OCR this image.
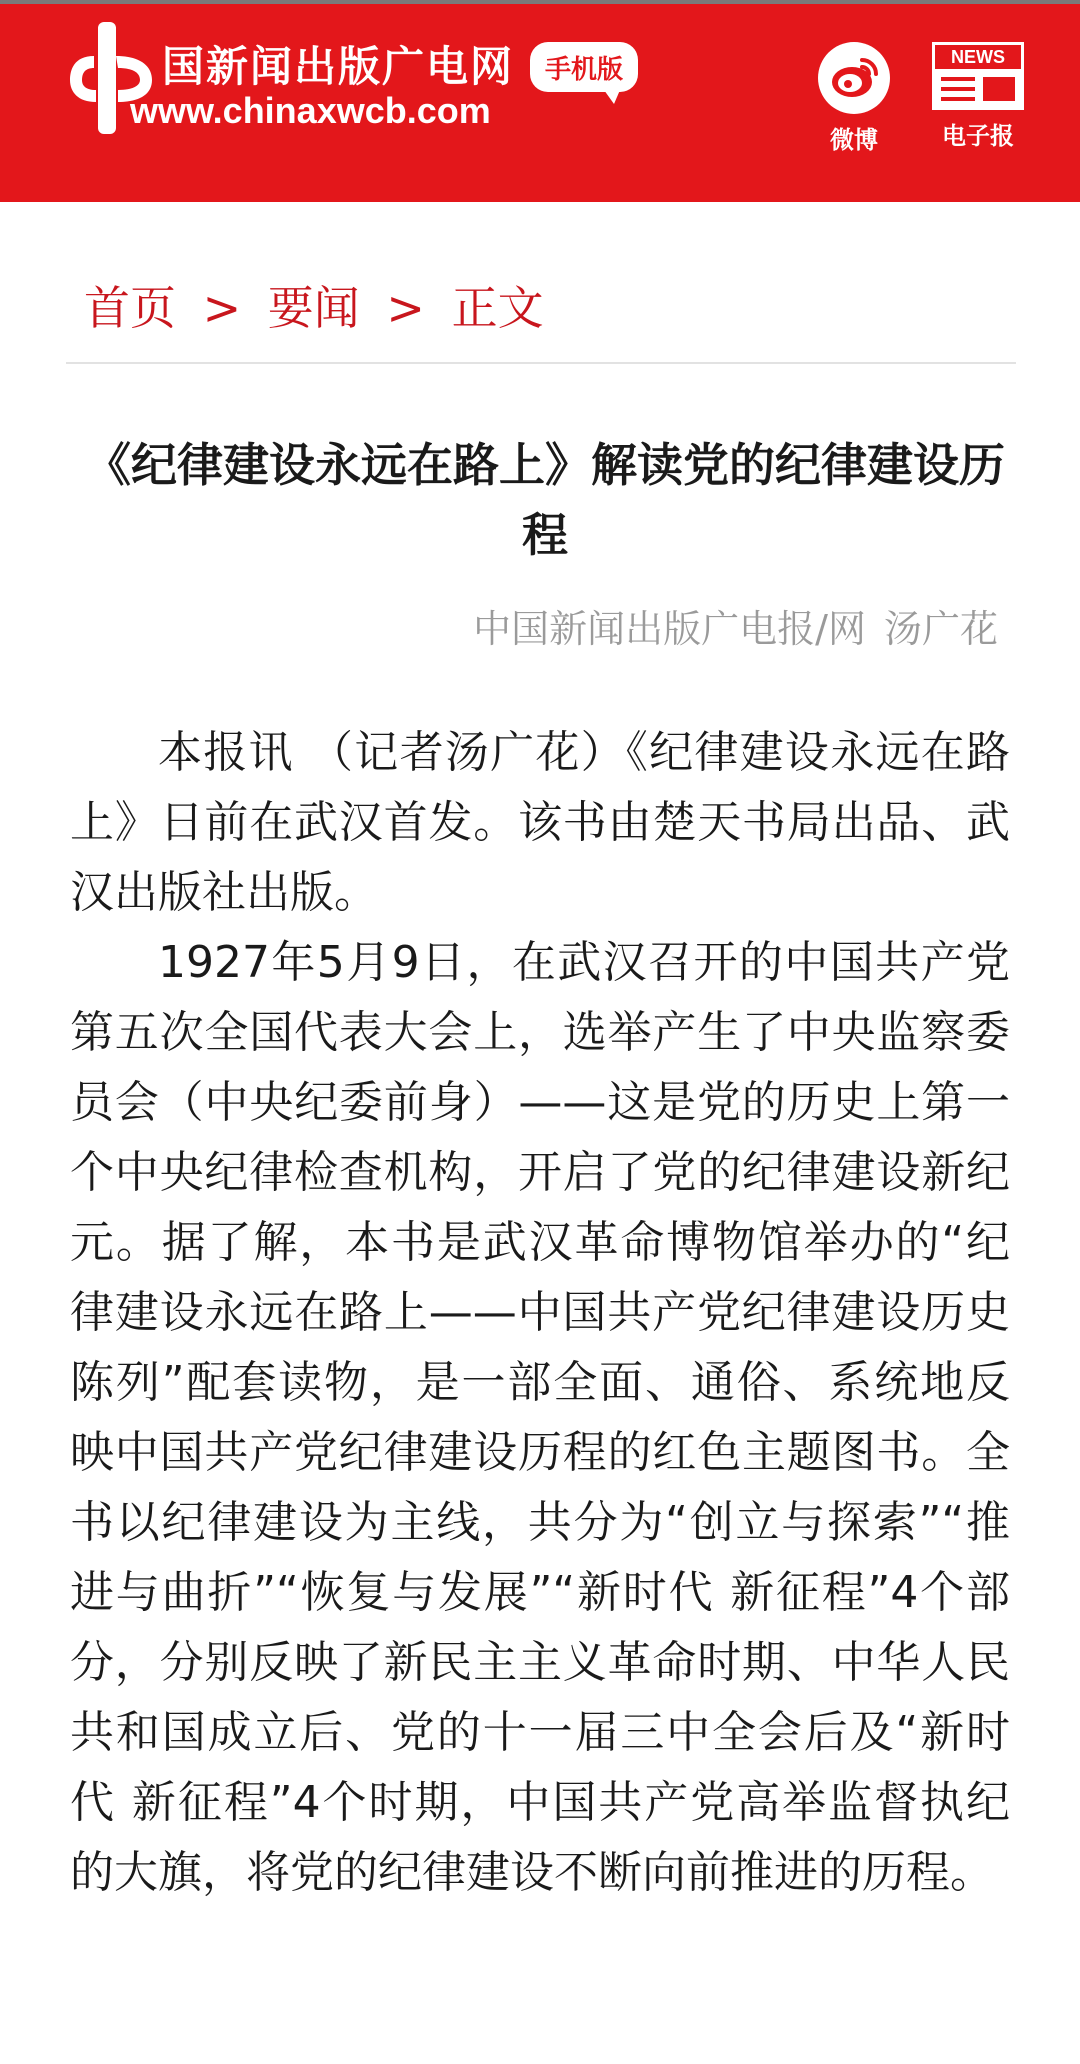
国新闻出版广电网	手机版
www.chinaxwcb.com
微博
NEWS
电子报
首页 > 要闻 > 正文
《纪律建设永远在路上》解读党的纪律建设历程
中国新闻出版广电报/网 汤广花

本报讯 （记者汤广花）《纪律建设永远在路上》日前在武汉首发。该书由楚天书局出品、武汉出版社出版。

1927年5月9日，在武汉召开的中国共产党第五次全国代表大会上，选举产生了中央监察委员会（中央纪委前身）——这是党的历史上第一个中央纪律检查机构，开启了党的纪律建设新纪元。据了解，本书是武汉革命博物馆举办的“纪律建设永远在路上——中国共产党纪律建设历史陈列”配套读物，是一部全面、通俗、系统地反映中国共产党纪律建设历程的红色主题图书。全书以纪律建设为主线，共分为“创立与探索”“推进与曲折”“恢复与发展”“新时代 新征程”4个部分，分别反映了新民主主义革命时期、中华人民共和国成立后、党的十一届三中全会后及“新时代 新征程”4个时期，中国共产党高举监督执纪的大旗，将党的纪律建设不断向前推进的历程。
